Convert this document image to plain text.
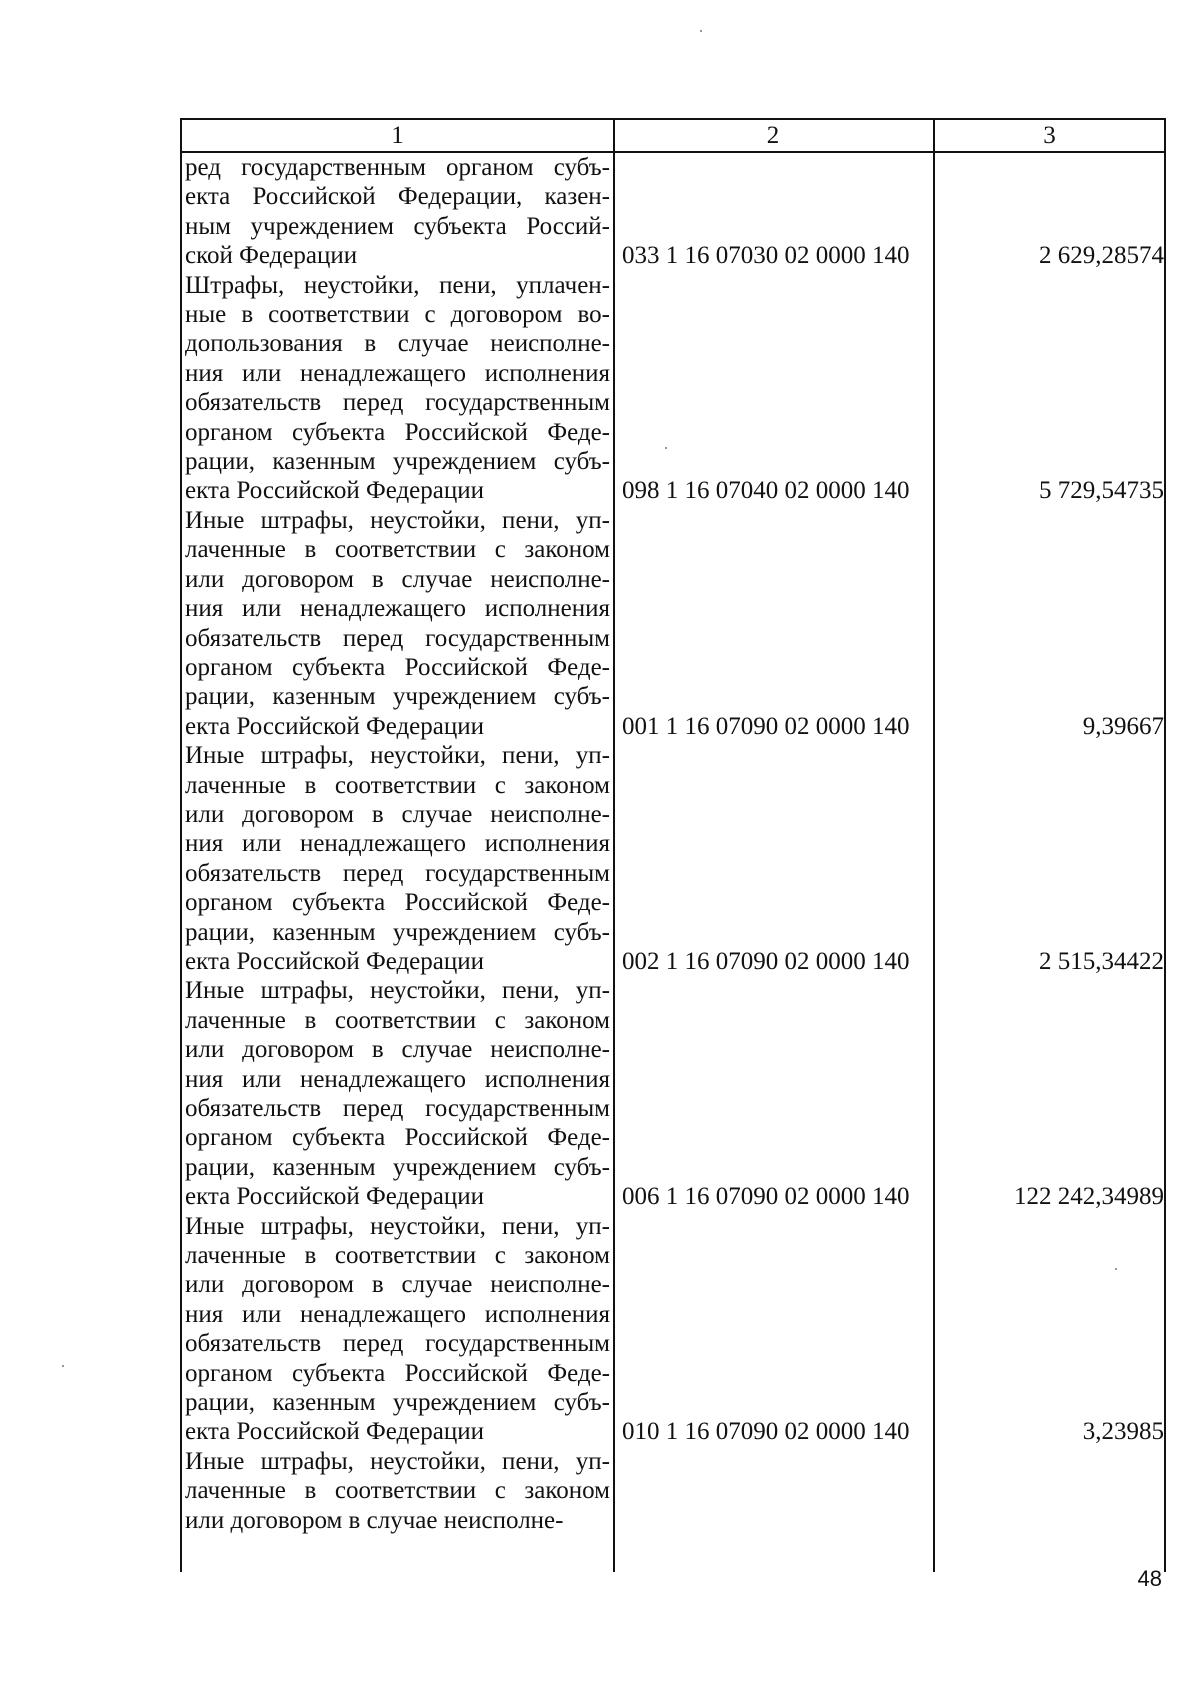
1	2	3
ред государственным органом субъ-
екта Российской Федерации, казен-
ным учреждением субъекта Россий-
ской Федерации	033 1 16 07030 02 0000 140	2 629,28574
Штрафы, неустойки, пени, уплачен-
ные в соответствии с договором во-
допользования в случае неисполне-
ния или ненадлежащего исполнения
обязательств перед государственным
органом субъекта Российской Феде-
рации, казенным учреждением субъ-
екта Российской Федерации	098 1 16 07040 02 0000 140	5 729,54735
Иные штрафы, неустойки, пени, уп-
лаченные в соответствии с законом
или договором в случае неисполне-
ния или ненадлежащего исполнения
обязательств перед государственным
органом субъекта Российской Феде-
рации, казенным учреждением субъ-
екта Российской Федерации	001 1 16 07090 02 0000 140	9,39667
Иные штрафы, неустойки, пени, уп-
лаченные в соответствии с законом
или договором в случае неисполне-
ния или ненадлежащего исполнения
обязательств перед государственным
органом субъекта Российской Феде-
рации, казенным учреждением субъ-
екта Российской Федерации	002 1 16 07090 02 0000 140	2 515,34422
Иные штрафы, неустойки, пени, уп-
лаченные в соответствии с законом
или договором в случае неисполне-
ния или ненадлежащего исполнения
обязательств перед государственным
органом субъекта Российской Феде-
рации, казенным учреждением субъ-
екта Российской Федерации	006 1 16 07090 02 0000 140	122 242,34989
Иные штрафы, неустойки, пени, уп-
лаченные в соответствии с законом
или договором в случае неисполне-
ния или ненадлежащего исполнения
обязательств перед государственным
органом субъекта Российской Феде-
рации, казенным учреждением субъ-
екта Российской Федерации	010 1 16 07090 02 0000 140	3,23985
Иные штрафы, неустойки, пени, уп-
лаченные в соответствии с законом
или договором в случае неисполне-
48
